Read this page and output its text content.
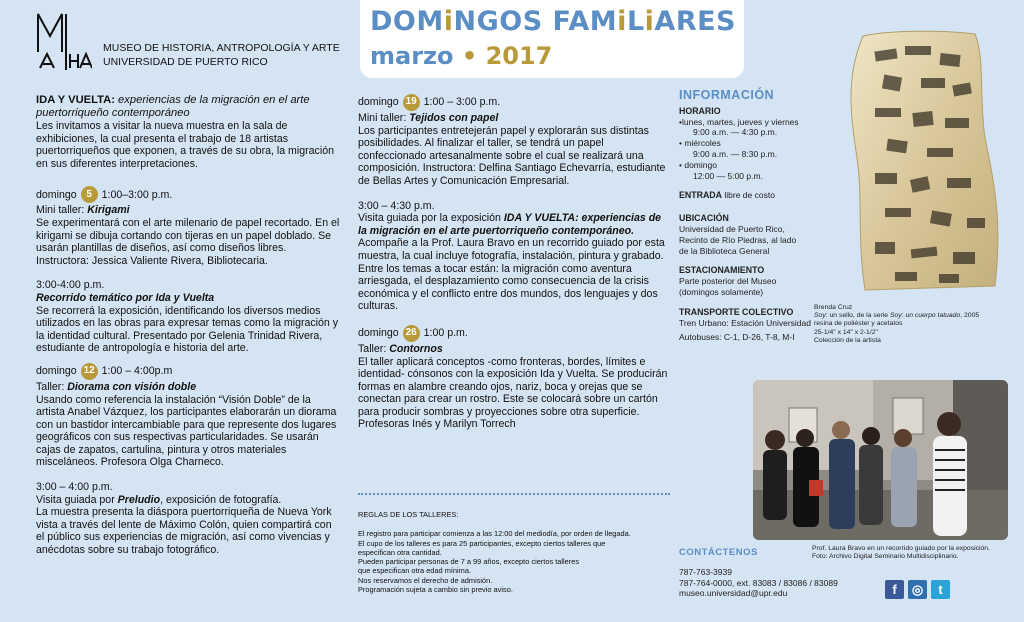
MUSEO DE HISTORIA, ANTROPOLOGÍA Y ARTE
UNIVERSIDAD DE PUERTO RICO
DOMiNGOS FAMiLiARES
marzo • 2017

IDA Y VUELTA: experiencias de la migración en el arte puertorriqueño contemporáneo

Les invitamos a visitar la nueva muestra en la sala de exhibiciones, la cual presenta el trabajo de 18 artistas puertorriqueños que exponen, a través de su obra, la migración en sus diferentes interpretaciones.

domingo 5 1:00–3:00 p.m.

Mini taller: Kirigami

Se experimentará con el arte milenario de papel recortado. En el kirigami se dibuja cortando con tijeras en un papel doblado. Se usarán plantillas de diseños, así como diseños libres. Instructora: Jessica Valiente Rivera, Bibliotecaria.

3:00-4:00 p.m.

Recorrido temático por Ida y Vuelta

Se recorrerá la exposición, identificando los diversos medios utilizados en las obras para expresar temas como la migración y la identidad cultural. Presentado por Gelenia Trinidad Rivera, estudiante de antropología e historia del arte.

domingo 12 1:00 – 4:00p.m

Taller: Diorama con visión doble

Usando como referencia la instalación “Visión Doble” de la artista Anabel Vázquez, los participantes elaborarán un diorama con un bastidor intercambiable para que represente dos lugares geográficos con sus respectivas particularidades. Se usarán cajas de zapatos, cartulina, pintura y otros materiales misceláneos. Profesora Olga Charneco.

3:00 – 4:00 p.m.

Visita guiada por Preludio, exposición de fotografía.

La muestra presenta la diáspora puertorriqueña de Nueva York vista a través del lente de Máximo Colón, quien compartirá con el público sus experiencias de migración, así como vivencias y anécdotas sobre su trabajo fotográfico.

domingo 19 1:00 – 3:00 p.m.

Mini taller: Tejidos con papel

Los participantes entretejerán papel y explorarán sus distintas posibilidades. Al finalizar el taller, se tendrá un papel confeccionado artesanalmente sobre el cual se realizará una composición. Instructora: Delfina Santiago Echevarría, estudiante de Bellas Artes y Comunicación Empresarial.

3:00 – 4:30 p.m.

Visita guiada por la exposición IDA Y VUELTA: experiencias de la migración en el arte puertorriqueño contemporáneo.

Acompañe a la Prof. Laura Bravo en un recorrido guiado por esta muestra, la cual incluye fotografía, instalación, pintura y grabado. Entre los temas a tocar están: la migración como aventura arriesgada, el desplazamiento como consecuencia de la crisis económica y el conflicto entre dos mundos, dos lenguajes y dos culturas.

domingo 26 1:00 p.m.

Taller: Contornos

El taller aplicará conceptos -como fronteras, bordes, límites e identidad- cónsonos con la exposición Ida y Vuelta. Se producirán formas en alambre creando ojos, nariz, boca y orejas que se conectan para crear un rostro. Este se colocará sobre un cartón para producir sombras y proyecciones sobre otra superficie. Profesoras Inés y Marilyn Torrech

REGLAS DE LOS TALLERES:
El registro para participar comienza a las 12:00 del mediodía, por orden de llegada.
El cupo de los talleres es para 25 participantes, excepto ciertos talleres que
especifican otra cantidad.
Pueden participar personas de 7 a 99 años, excepto ciertos talleres
que especifican otra edad mínima.
Nos reservamos el derecho de admisión.
Programación sujeta a cambio sin previo aviso.
INFORMACIÓN
HORARIO
•lunes, martes, jueves y viernes
9:00 a.m. — 4:30 p.m.
• miércoles
9:00 a.m. — 8:30 p.m.
• domingo
12:00 — 5:00 p.m.
ENTRADA libre de costo
UBICACIÓN
Universidad de Puerto Rico,
Recinto de Río Piedras, al lado
de la Biblioteca General
ESTACIONAMIENTO
Parte posterior del Museo
(domingos solamente)
TRANSPORTE COLECTIVO
Tren Urbano: Estación Universidad
Autobuses: C-1, D-26, T-8, M-I
Brenda Cruz
Soy: un sello, de la serie Soy: un cuerpo tatuado, 2005
resina de poliéster y acetatos
25-1/4" x 14" x 2-1/2"
Colección de la artista
Prof. Laura Bravo en un recorrido guiado por la exposición.
Foto: Archivo Digital Seminario Multidisciplinario.
CONTÁCTENOS
787-763-3939
787-764-0000, ext. 83083 / 83086 / 83089
museo.universidad@upr.edu	f	◎	t
